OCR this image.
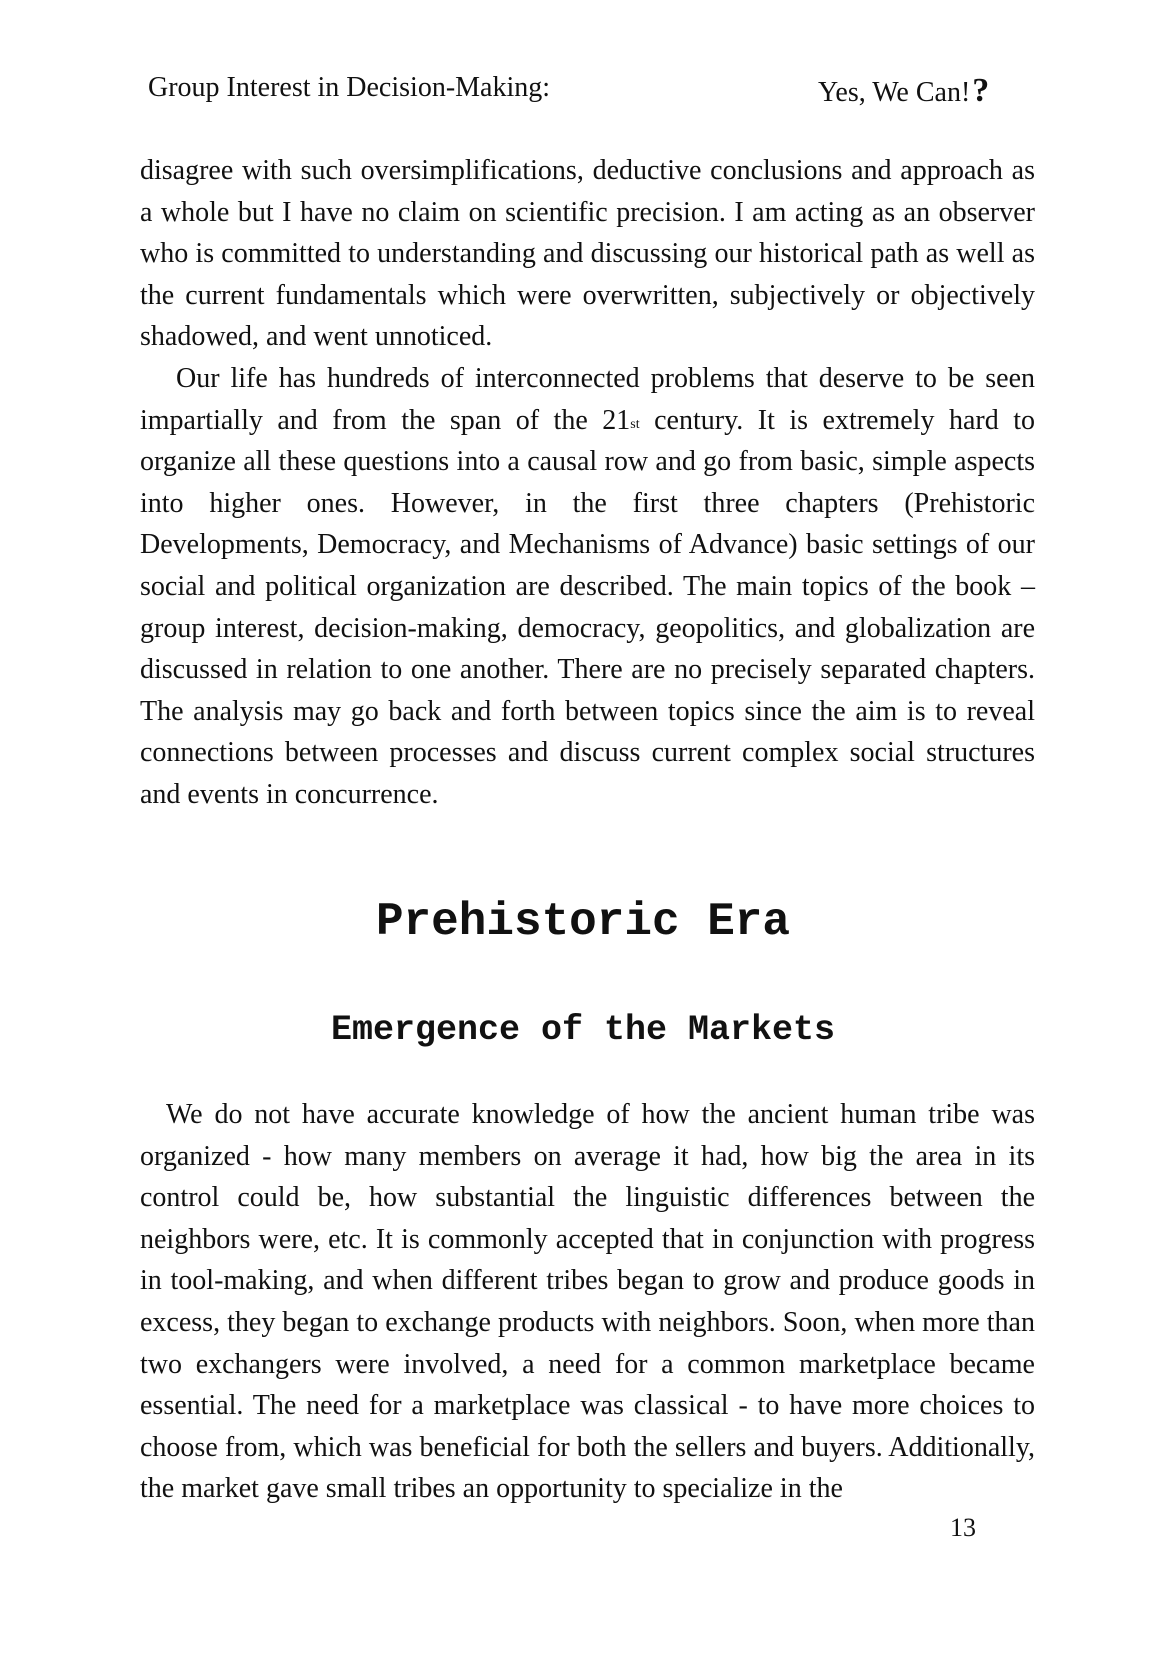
Group Interest in Decision-Making:	Yes, We Can!?

disagree with such oversimplifications, deductive conclusions and approach as a whole but I have no claim on scientific precision. I am acting as an observer who is committed to understanding and discussing our historical path as well as the current fundamentals which were overwritten, subjectively or objectively shadowed, and went unnoticed.

Our life has hundreds of interconnected problems that deserve to be seen impartially and from the span of the 21st century. It is extremely hard to organize all these questions into a causal row and go from basic, simple aspects into higher ones. However, in the first three chapters (Prehistoric Developments, Democracy, and Mechanisms of Advance) basic settings of our social and political organization are described. The main topics of the book – group interest, decision-making, democracy, geopolitics, and globalization are discussed in relation to one another. There are no precisely separated chapters. The analysis may go back and forth between topics since the aim is to reveal connections between processes and discuss current complex social structures and events in concurrence.

Prehistoric Era
Emergence of the Markets

We do not have accurate knowledge of how the ancient human tribe was organized - how many members on average it had, how big the area in its control could be, how substantial the linguistic differences between the neighbors were, etc. It is commonly accepted that in conjunction with progress in tool-making, and when different tribes began to grow and produce goods in excess, they began to exchange products with neighbors. Soon, when more than two exchangers were involved, a need for a common marketplace became essential. The need for a marketplace was classical - to have more choices to choose from, which was beneficial for both the sellers and buyers. Additionally, the market gave small tribes an opportunity to specialize in the

13
